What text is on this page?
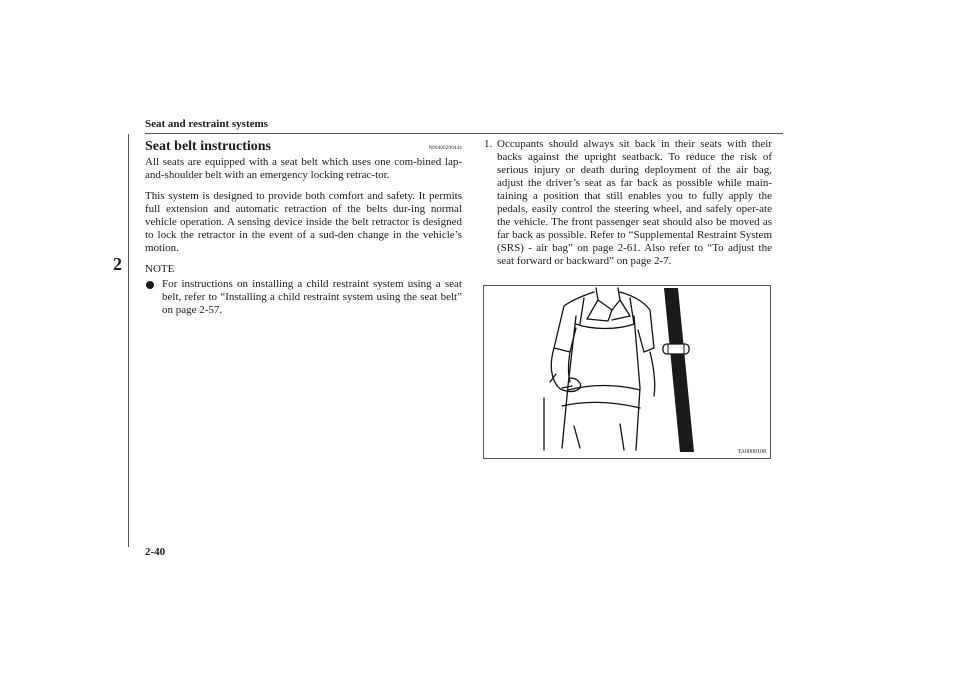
Seat and restraint systems
2
Seat belt instructions	N00406200444

All seats are equipped with a seat belt which uses one com-bined lap-and-shoulder belt with an emergency locking retrac-tor.

This system is designed to provide both comfort and safety. It permits full extension and automatic retraction of the belts dur-ing normal vehicle operation. A sensing device inside the belt retractor is designed to lock the retractor in the event of a sud-den change in the vehicle’s motion.

NOTE
For instructions on installing a child restraint system using a seat belt, refer to “Installing a child restraint system using the seat belt” on page 2-57.
1. Occupants should always sit back in their seats with their backs against the upright seatback. To reduce the risk of serious injury or death during deployment of the air bag, adjust the driver’s seat as far back as possible while main-taining a position that still enables you to fully apply the pedals, easily control the steering wheel, and safely oper-ate the vehicle. The front passenger seat should also be moved as far back as possible. Refer to “Supplemental Restraint System (SRS) - air bag” on page 2-61. Also refer to “To adjust the seat forward or backward” on page 2-7.
TA0000108
2-40
